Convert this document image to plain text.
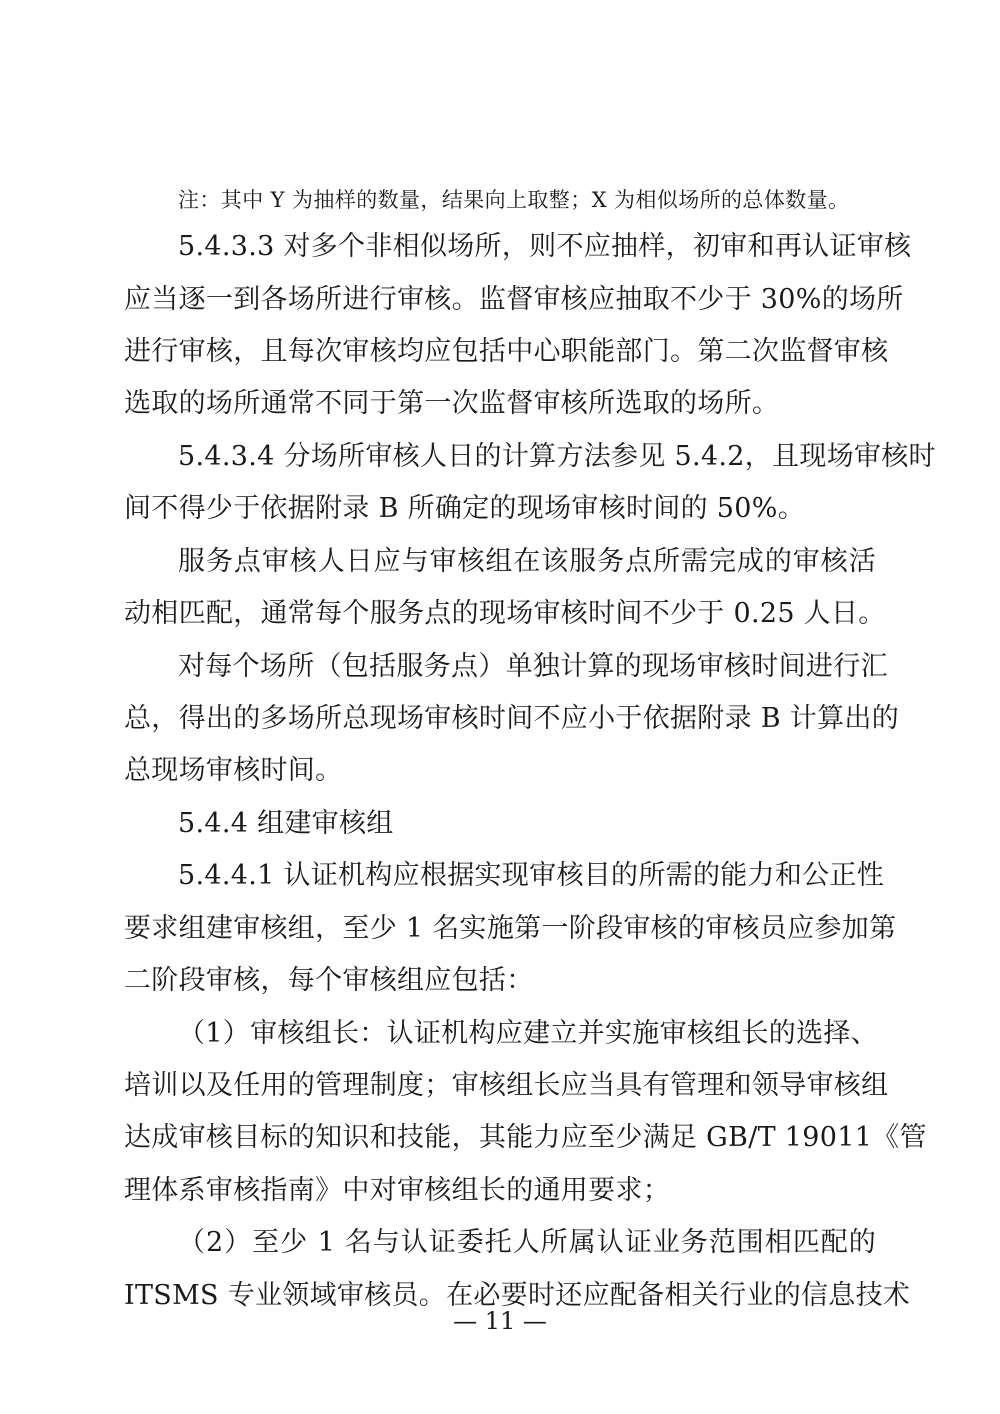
注：其中 Y 为抽样的数量，结果向上取整；X 为相似场所的总体数量。
5.4.3.3 对多个非相似场所，则不应抽样，初审和再认证审核
应当逐一到各场所进行审核。监督审核应抽取不少于 30%的场所
进行审核，且每次审核均应包括中心职能部门。第二次监督审核
选取的场所通常不同于第一次监督审核所选取的场所。
5.4.3.4 分场所审核人日的计算方法参见 5.4.2，且现场审核时
间不得少于依据附录 B 所确定的现场审核时间的 50%。
服务点审核人日应与审核组在该服务点所需完成的审核活
动相匹配，通常每个服务点的现场审核时间不少于 0.25 人日。
对每个场所（包括服务点）单独计算的现场审核时间进行汇
总，得出的多场所总现场审核时间不应小于依据附录 B 计算出的
总现场审核时间。
5.4.4 组建审核组
5.4.4.1 认证机构应根据实现审核目的所需的能力和公正性
要求组建审核组，至少 1 名实施第一阶段审核的审核员应参加第
二阶段审核，每个审核组应包括：
（1）审核组长：认证机构应建立并实施审核组长的选择、
培训以及任用的管理制度；审核组长应当具有管理和领导审核组
达成审核目标的知识和技能，其能力应至少满足 GB/T 19011《管
理体系审核指南》中对审核组长的通用要求；
（2）至少 1 名与认证委托人所属认证业务范围相匹配的
ITSMS 专业领域审核员。在必要时还应配备相关行业的信息技术
— 11 —
